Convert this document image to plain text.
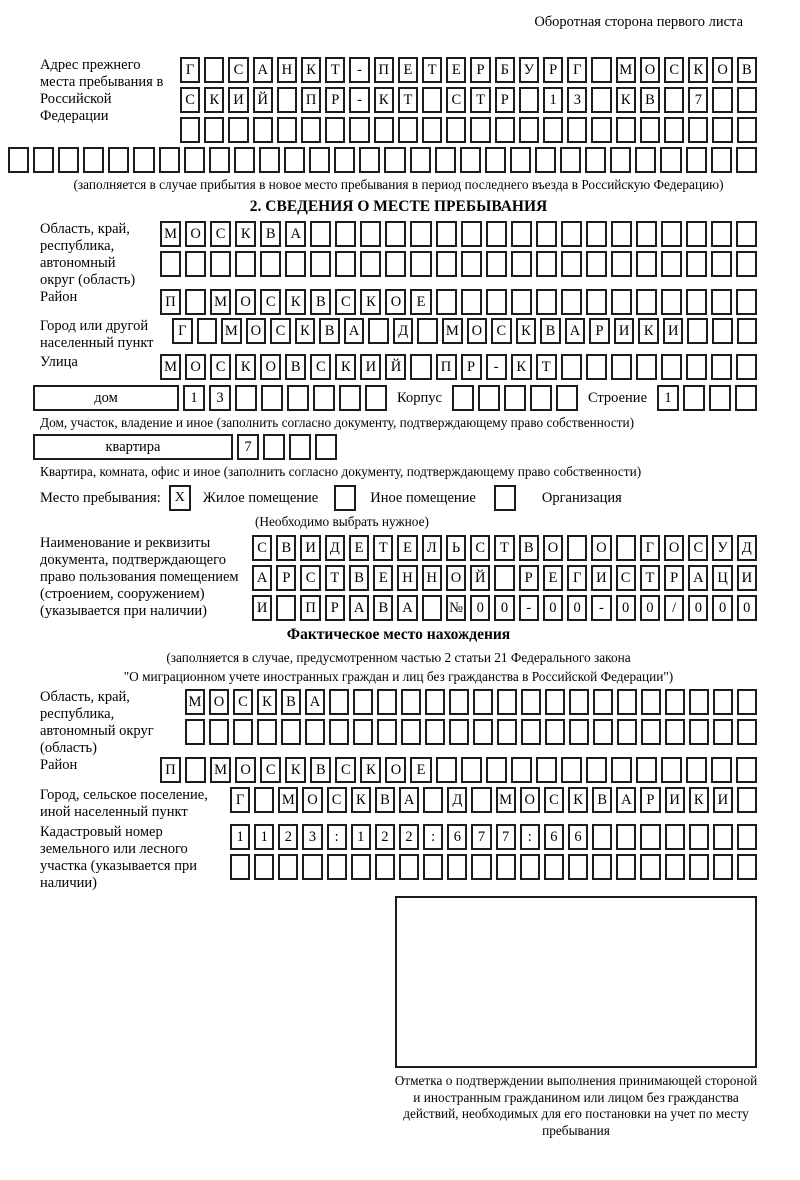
Оборотная сторона первого листа
Адрес прежнего места пребывания в Российской Федерации
Г	С А Н К	Т	-	П	Е	Т	Е	Р	Б	У	Р	Г	М О С	К О В
С	К И Й	П	Р	-	К	Т	С	Т	Р	1	3	К	В	7
(заполняется в случае прибытия в новое место пребывания в период последнего въезда в Российскую Федерацию)
2. СВЕДЕНИЯ О МЕСТЕ ПРЕБЫВАНИЯ
Область, край, республика, автономный округ (область)
М О	С	К	В	А
Район	П	М О	С	К	В	С	К	О	Е
Город или другой населенный пункт
Г	М О С	К	В А	Д	М О С	К	В А	Р	И К И
Улица	М О	С	К	О	В	С	К	И	Й	П	Р	-	К	Т
дом	1	3	Корпус	Строение	1
Дом, участок, владение и иное (заполнить согласно документу, подтверждающему право собственности)
квартира	7
Квартира, комната, офис и иное (заполнить согласно документу, подтверждающему право собственности)
Место пребывания: X	Жилое помещение	Иное помещение	Организация
(Необходимо выбрать нужное)
Наименование и реквизиты документа, подтверждающего право пользования помещением (строением, сооружением) (указывается при наличии)
С	В И Д	Е	Т	Е	Л	Ь	С	Т	В О	О	Г	О С У Д
А	Р	С	Т	В	Е	Н Н О Й	Р	Е	Г	И С	Т	Р	А Ц И
И	П	Р	А В А	№ 0	0	-	0	0	-	0	0	/	0	0	0
Фактическое место нахождения
(заполняется в случае, предусмотренном частью 2 статьи 21 Федерального закона
"О миграционном учете иностранных граждан и лиц без гражданства в Российской Федерации")
Область, край, республика, автономный округ (область)
М О С К В А
Район	П	М О	С	К	В	С	К	О	Е
Город, сельское поселение, иной населенный пункт
Г	М О С К В А	Д	М О С К В А	Р	И К И
Кадастровый номер земельного или лесного участка (указывается при наличии)
1	1	2	3	:	1	2	2	:	6	7	7	:	6	6
Отметка о подтверждении выполнения принимающей стороной и иностранным гражданином или лицом без гражданства действий, необходимых для его постановки на учет по месту пребывания
